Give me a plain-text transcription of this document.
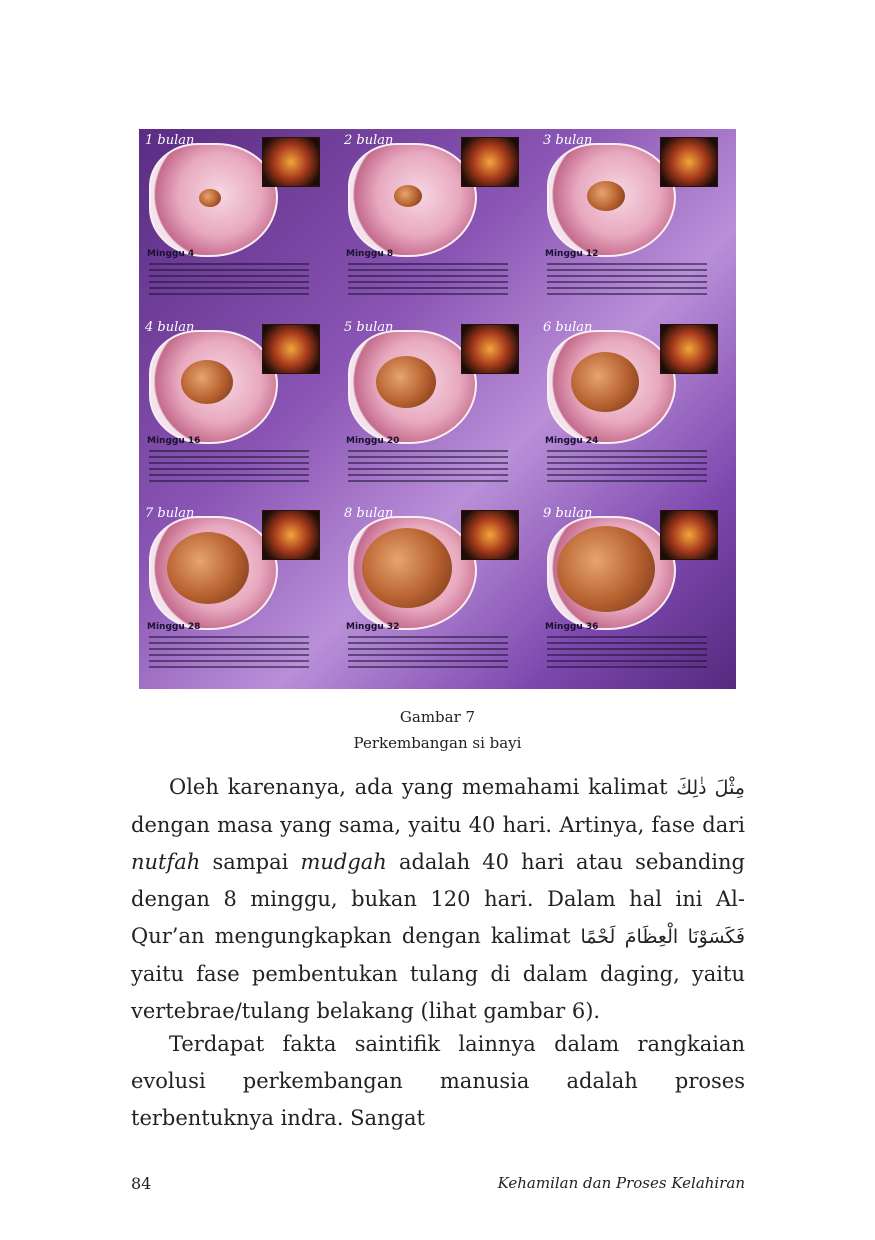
1 bulan
Minggu 4
2 bulan
Minggu 8
3 bulan
Minggu 12
4 bulan
Minggu 16
5 bulan
Minggu 20
6 bulan
Minggu 24
7 bulan
Minggu 28
8 bulan
Minggu 32
9 bulan
Minggu 36
Gambar 7
Perkembangan si bayi

Oleh karenanya, ada yang memahami kalimat مِثْلَ ذٰلِكَ dengan masa yang sama, yaitu 40 hari. Artinya, fase dari nutfah sampai mudgah adalah 40 hari atau sebanding dengan 8 minggu, bukan 120 hari. Dalam hal ini Al-Qur’an mengungkapkan dengan kalimat فَكَسَوْنَا الْعِظَامَ لَحْمًا yaitu fase pembentukan tulang di dalam daging, yaitu vertebrae/tulang belakang (lihat gambar 6).

Terdapat fakta saintifik lainnya dalam rangkaian evolusi perkembangan manusia adalah proses terbentuknya indra. Sangat

84	Kehamilan dan Proses Kelahiran
